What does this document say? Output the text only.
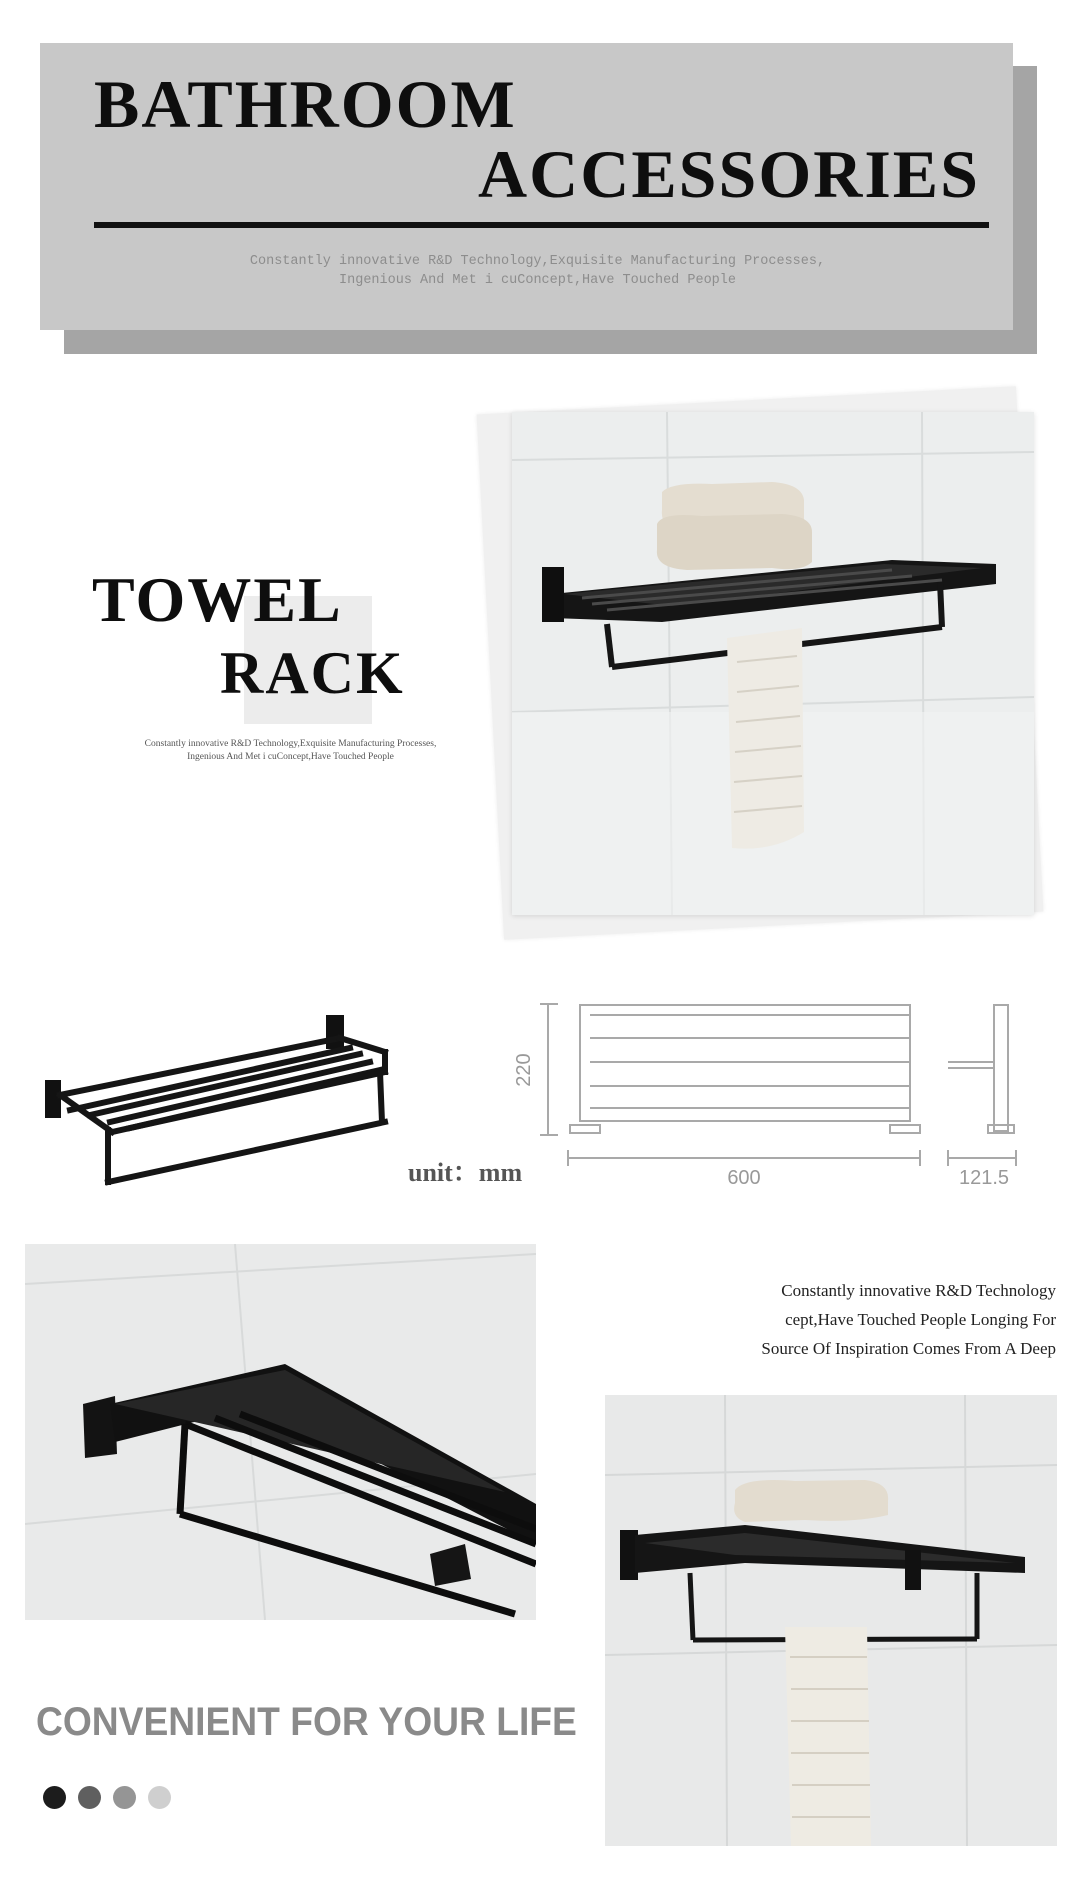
BATHROOM
ACCESSORIES
Constantly innovative R&D Technology,Exquisite Manufacturing Processes,
Ingenious And Met i cuConcept,Have Touched People
TOWEL
RACK
Constantly innovative R&D Technology,Exquisite Manufacturing Processes,
Ingenious And Met i cuConcept,Have Touched People
unit：mm
220
600	121.5
Constantly innovative R&D Technology
cept,Have Touched People Longing For
Source Of Inspiration Comes From A Deep
CONVENIENT FOR YOUR LIFE
